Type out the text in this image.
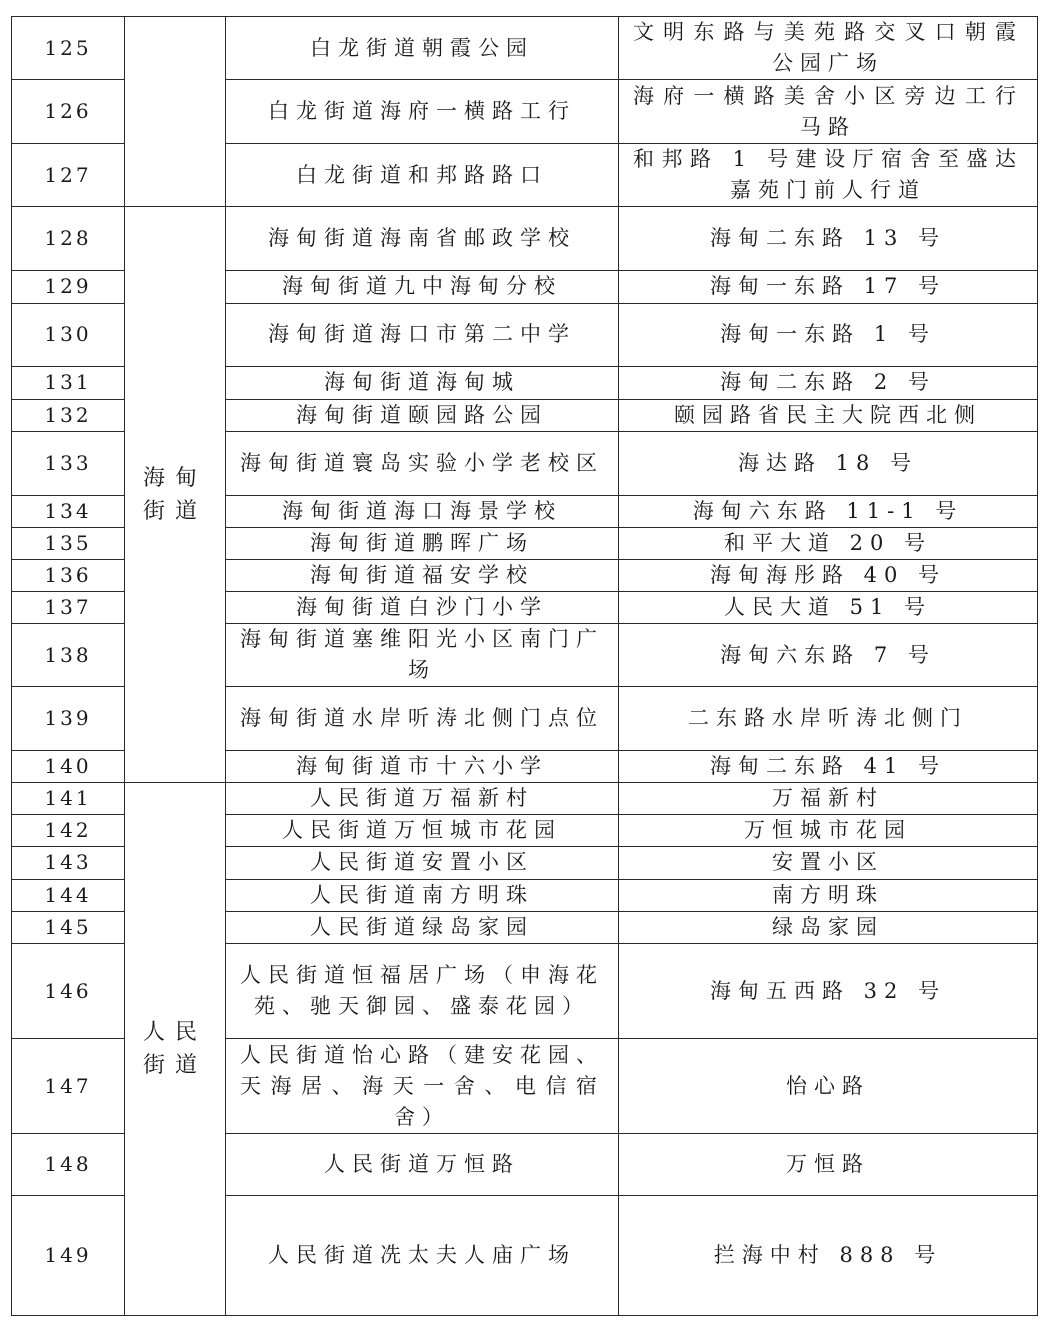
125		白龙街道朝霞公园	文明东路与美苑路交叉口朝霞公园广场
126		白龙街道海府一横路工行	海府一横路美舍小区旁边工行马路
127		白龙街道和邦路路口	和邦路 1 号建设厅宿舍至盛达嘉苑门前人行道
128	海甸街道	海甸街道海南省邮政学校	海甸二东路 13 号
129		海甸街道九中海甸分校	海甸一东路 17 号
130		海甸街道海口市第二中学	海甸一东路 1 号
131		海甸街道海甸城	海甸二东路 2 号
132		海甸街道颐园路公园	颐园路省民主大院西北侧
133		海甸街道寰岛实验小学老校区	海达路 18 号
134		海甸街道海口海景学校	海甸六东路 11-1 号
135		海甸街道鹏晖广场	和平大道 20 号
136		海甸街道福安学校	海甸海彤路 40 号
137		海甸街道白沙门小学	人民大道 51 号
138		海甸街道塞维阳光小区南门广场	海甸六东路 7 号
139		海甸街道水岸听涛北侧门点位	二东路水岸听涛北侧门
140		海甸街道市十六小学	海甸二东路 41 号
141	人民街道	人民街道万福新村	万福新村
142		人民街道万恒城市花园	万恒城市花园
143		人民街道安置小区	安置小区
144		人民街道南方明珠	南方明珠
145		人民街道绿岛家园	绿岛家园
146		人民街道恒福居广场（申海花苑、驰天御园、盛泰花园）	海甸五西路 32 号
147		人民街道怡心路（建安花园、天海居、海天一舍、电信宿舍）	怡心路
148		人民街道万恒路	万恒路
149		人民街道冼太夫人庙广场	拦海中村 888 号
